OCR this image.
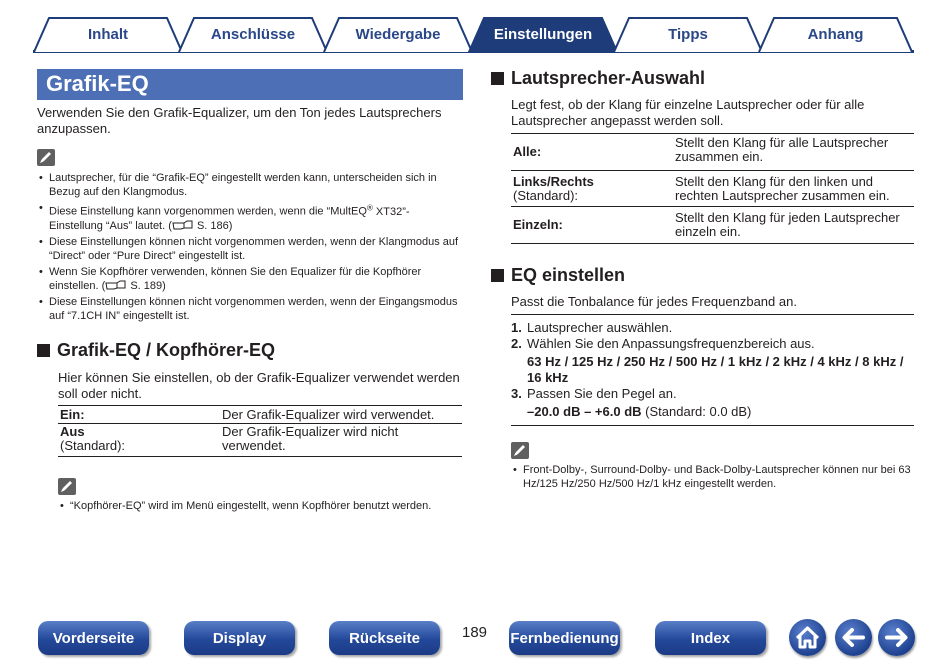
Inhalt	Anschlüsse	Wiedergabe	Einstellungen	Tipps	Anhang
Grafik-EQ
Verwenden Sie den Grafik-Equalizer, um den Ton jedes Lautsprechers anzupassen.
• Lautsprecher, für die “Grafik-EQ” eingestellt werden kann, unterscheiden sich in Bezug auf den Klangmodus.
• Diese Einstellung kann vorgenommen werden, wenn die “MultEQ® XT32”-Einstellung “Aus” lautet. ( S. 186)
• Diese Einstellungen können nicht vorgenommen werden, wenn der Klangmodus auf “Direct” oder “Pure Direct” eingestellt ist.
• Wenn Sie Kopfhörer verwenden, können Sie den Equalizer für die Kopfhörer einstellen. ( S. 189)
• Diese Einstellungen können nicht vorgenommen werden, wenn der Eingangsmodus auf “7.1CH IN” eingestellt ist.
Grafik-EQ / Kopfhörer-EQ
Hier können Sie einstellen, ob der Grafik-Equalizer verwendet werden soll oder nicht.
Ein:	Der Grafik-Equalizer wird verwendet.
Aus
(Standard):	Der Grafik-Equalizer wird nicht verwendet.
• “Kopfhörer-EQ” wird im Menü eingestellt, wenn Kopfhörer benutzt werden.
Lautsprecher-Auswahl
Legt fest, ob der Klang für einzelne Lautsprecher oder für alle Lautsprecher angepasst werden soll.
Alle:	Stellt den Klang für alle Lautsprecher zusammen ein.
Links/Rechts
(Standard):	Stellt den Klang für den linken und rechten Lautsprecher zusammen ein.
Einzeln:	Stellt den Klang für jeden Lautsprecher einzeln ein.
EQ einstellen
Passt die Tonbalance für jedes Frequenzband an.
1. Lautsprecher auswählen.
2. Wählen Sie den Anpassungsfrequenzbereich aus.
63 Hz / 125 Hz / 250 Hz / 500 Hz / 1 kHz / 2 kHz / 4 kHz / 8 kHz / 16 kHz
3. Passen Sie den Pegel an.
–20.0 dB – +6.0 dB (Standard: 0.0 dB)
• Front-Dolby-, Surround-Dolby- und Back-Dolby-Lautsprecher können nur bei 63 Hz/125 Hz/250 Hz/500 Hz/1 kHz eingestellt werden.
Vorderseite	Display	Rückseite	189 Fernbedienung	Index
